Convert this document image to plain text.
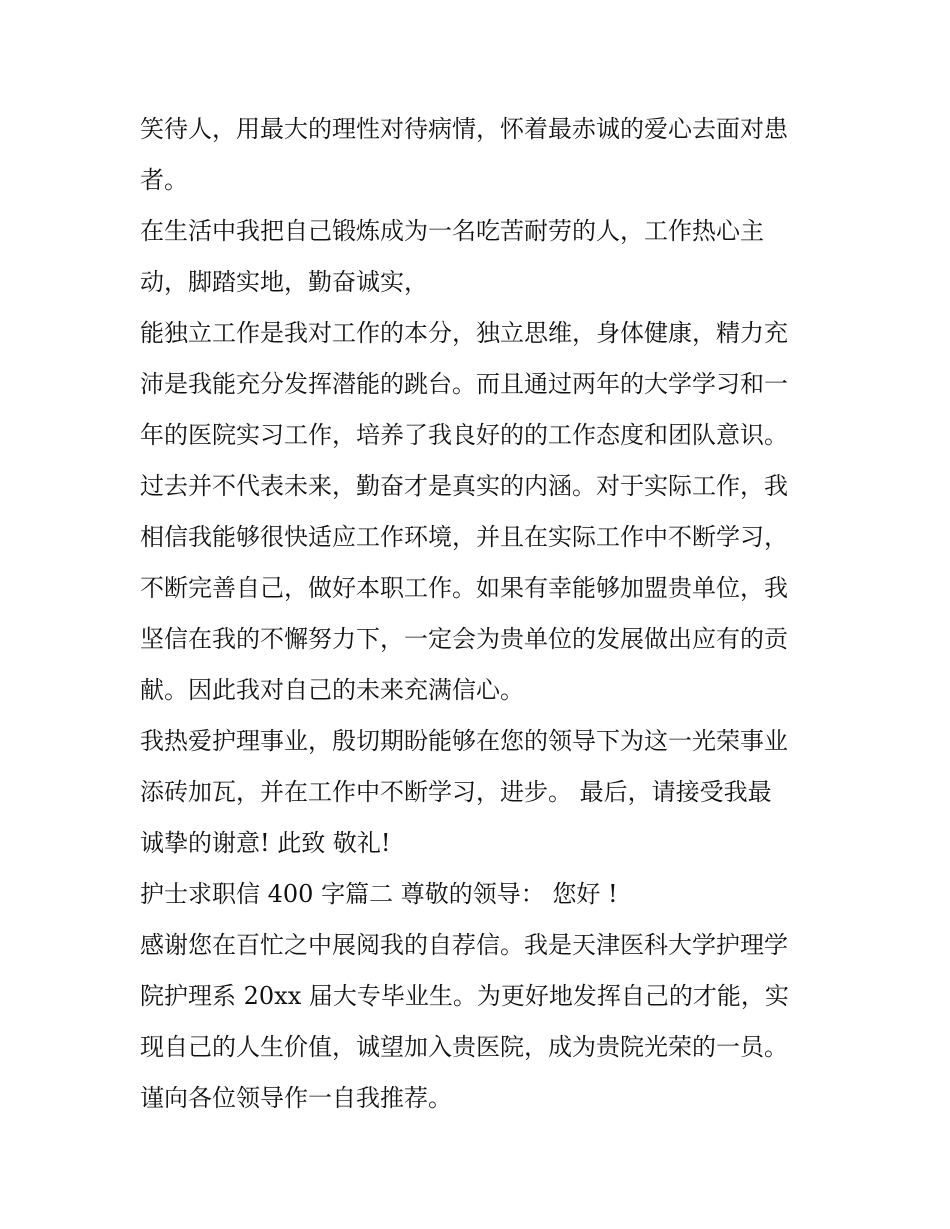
笑待人，用最大的理性对待病情，怀着最赤诚的爱心去面对患
者。
在生活中我把自己锻炼成为一名吃苦耐劳的人，工作热心主
动，脚踏实地，勤奋诚实，
能独立工作是我对工作的本分，独立思维，身体健康，精力充
沛是我能充分发挥潜能的跳台。而且通过两年的大学学习和一
年的医院实习工作，培养了我良好的的工作态度和团队意识。
过去并不代表未来，勤奋才是真实的内涵。对于实际工作，我
相信我能够很快适应工作环境，并且在实际工作中不断学习，
不断完善自己，做好本职工作。如果有幸能够加盟贵单位，我
坚信在我的不懈努力下，一定会为贵单位的发展做出应有的贡
献。因此我对自己的未来充满信心。
我热爱护理事业，殷切期盼能够在您的领导下为这一光荣事业
添砖加瓦，并在工作中不断学习，进步。 最后，请接受我最
诚挚的谢意! 此致 敬礼!
护士求职信 400 字篇二 尊敬的领导： 您好 !
感谢您在百忙之中展阅我的自荐信。我是天津医科大学护理学
院护理系 20xx 届大专毕业生。为更好地发挥自己的才能，实
现自己的人生价值，诚望加入贵医院，成为贵院光荣的一员。
谨向各位领导作一自我推荐。
